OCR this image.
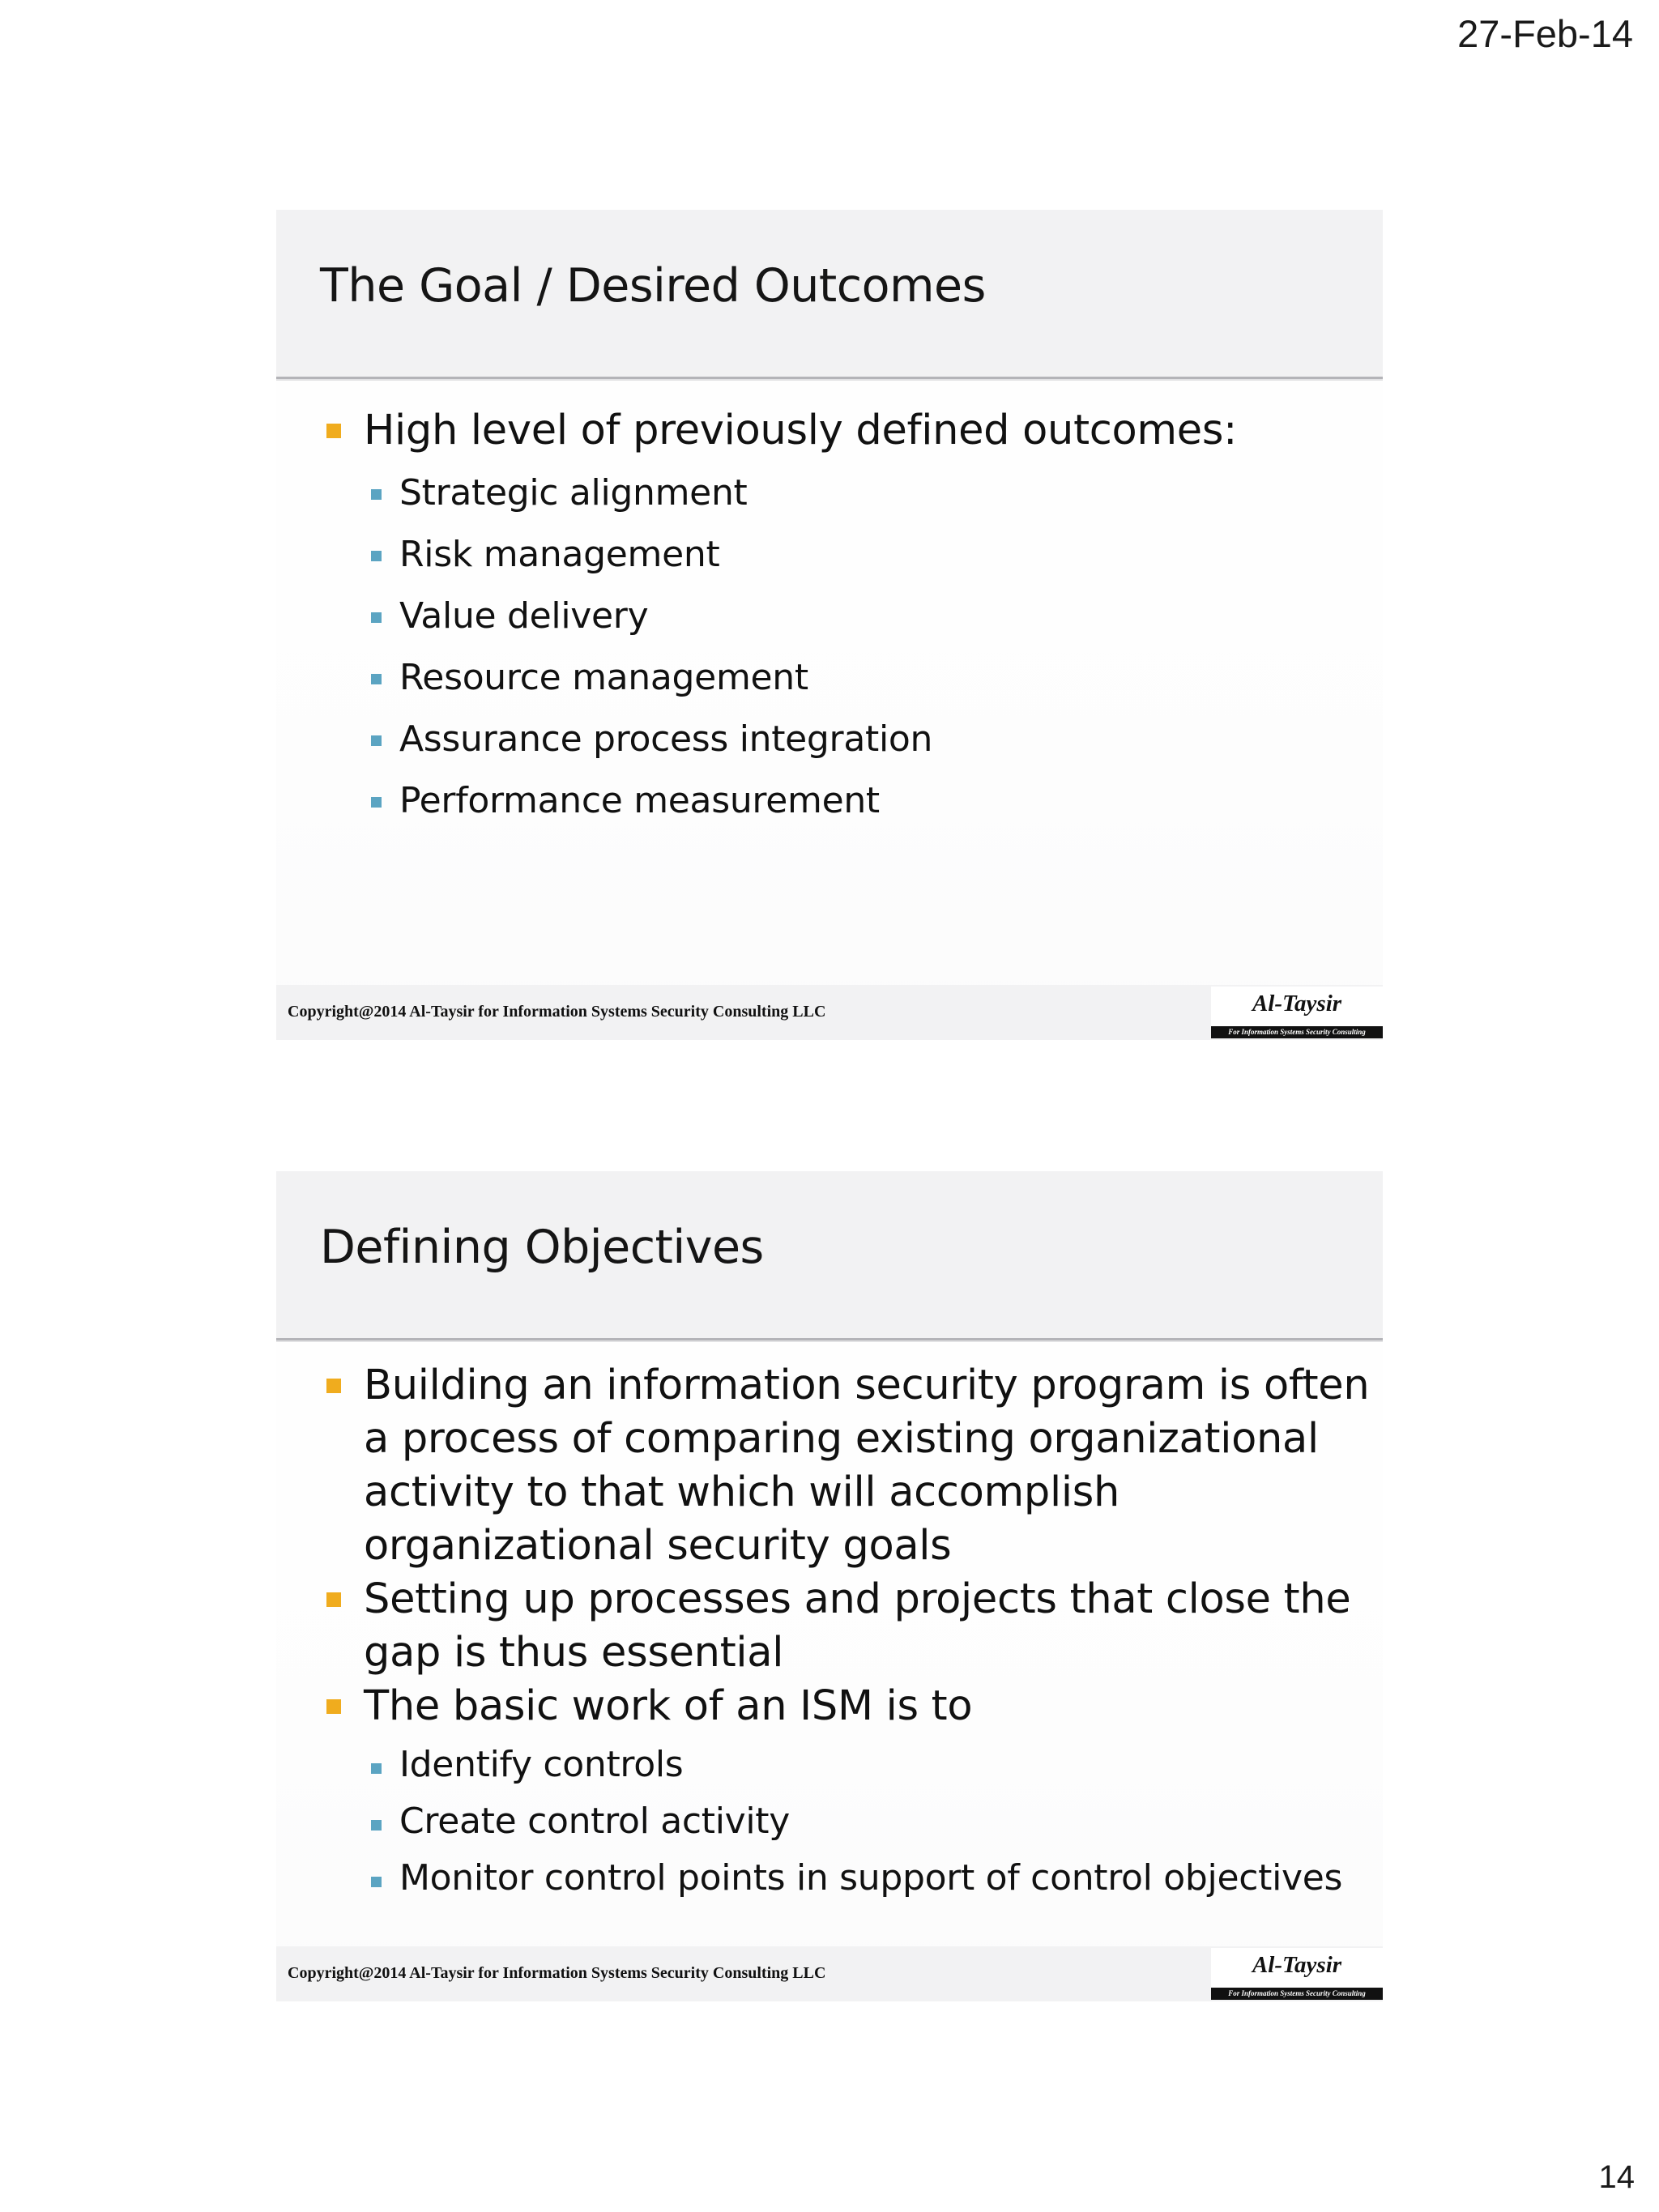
27-Feb-14
The Goal / Desired Outcomes
High level of previously defined outcomes:
Strategic alignment
Risk management
Value delivery
Resource management
Assurance process integration
Performance measurement
Copyright@2014 Al-Taysir for Information Systems Security Consulting LLC	Al-Taysir
For Information Systems Security Consulting
Defining Objectives
Building an information security program is often
a process of comparing existing organizational
activity to that which will accomplish
organizational security goals
Setting up processes and projects that close the
gap is thus essential
The basic work of an ISM is to
Identify controls
Create control activity
Monitor control points in support of control objectives
Copyright@2014 Al-Taysir for Information Systems Security Consulting LLC	Al-Taysir
For Information Systems Security Consulting
14
